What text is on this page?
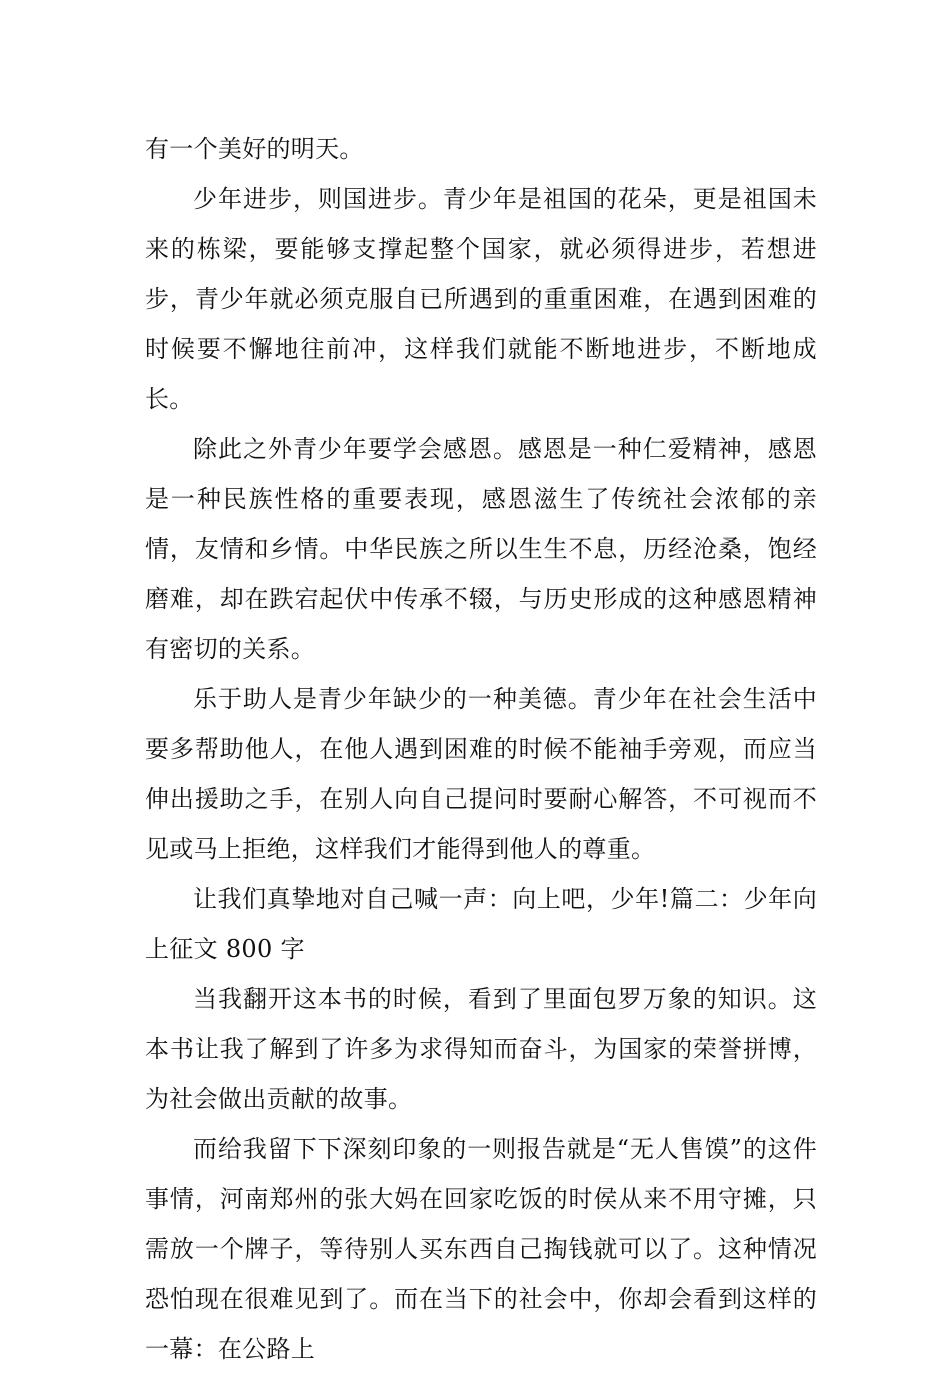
有一个美好的明天。

少年进步，则国进步。青少年是祖国的花朵，更是祖国未来的栋梁，要能够支撑起整个国家，就必须得进步，若想进步，青少年就必须克服自已所遇到的重重困难，在遇到困难的时候要不懈地往前冲，这样我们就能不断地进步，不断地成长。

除此之外青少年要学会感恩。感恩是一种仁爱精神，感恩是一种民族性格的重要表现，感恩滋生了传统社会浓郁的亲情，友情和乡情。中华民族之所以生生不息，历经沧桑，饱经磨难，却在跌宕起伏中传承不辍，与历史形成的这种感恩精神有密切的关系。

乐于助人是青少年缺少的一种美德。青少年在社会生活中要多帮助他人，在他人遇到困难的时候不能袖手旁观，而应当伸出援助之手，在别人向自己提问时要耐心解答，不可视而不见或马上拒绝，这样我们才能得到他人的尊重。

让我们真挚地对自己喊一声：向上吧，少年!篇二：少年向上征文 800 字

当我翻开这本书的时候，看到了里面包罗万象的知识。这本书让我了解到了许多为求得知而奋斗，为国家的荣誉拼博，为社会做出贡献的故事。

而给我留下下深刻印象的一则报告就是“无人售馍”的这件事情，河南郑州的张大妈在回家吃饭的时侯从来不用守摊，只需放一个牌子，等待别人买东西自己掏钱就可以了。这种情况恐怕现在很难见到了。而在当下的社会中，你却会看到这样的一幕：在公路上
